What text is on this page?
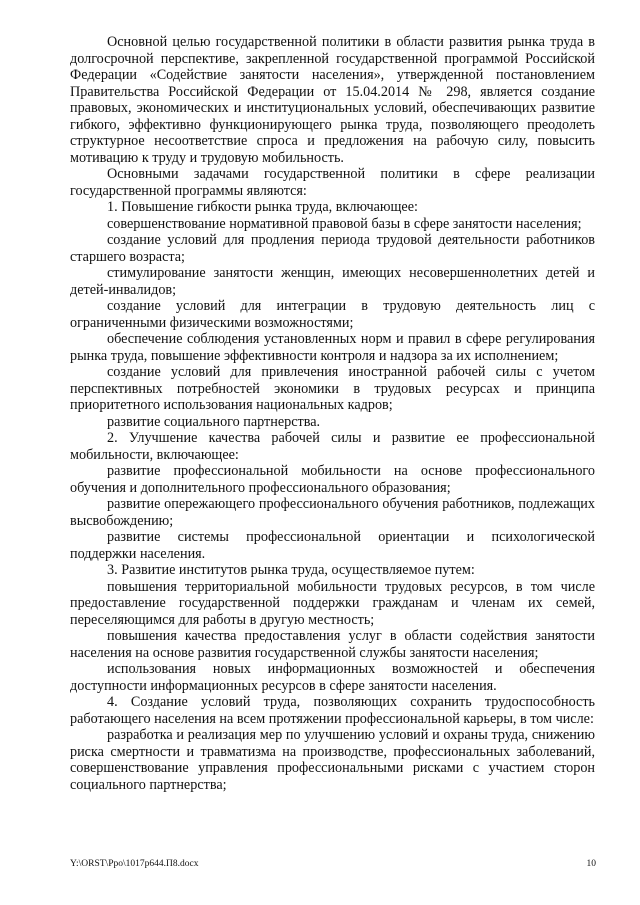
Основной целью государственной политики в области развития рынка труда в долгосрочной перспективе, закрепленной государственной программой Российской Федерации «Содействие занятости населения», утвержденной постановлением Правительства Российской Федерации от 15.04.2014 № 298, является создание правовых, экономических и институциональных условий, обеспечивающих развитие гибкого, эффективно функционирующего рынка труда, позволяющего преодолеть структурное несоответствие спроса и предложения на рабочую силу, повысить мотивацию к труду и трудовую мобильность.

Основными задачами государственной политики в сфере реализации государственной программы являются:

1. Повышение гибкости рынка труда, включающее:

совершенствование нормативной правовой базы в сфере занятости населения;

создание условий для продления периода трудовой деятельности работников старшего возраста;

стимулирование занятости женщин, имеющих несовершеннолетних детей и детей-инвалидов;

создание условий для интеграции в трудовую деятельность лиц с ограниченными физическими возможностями;

обеспечение соблюдения установленных норм и правил в сфере регулирования рынка труда, повышение эффективности контроля и надзора за их исполнением;

создание условий для привлечения иностранной рабочей силы с учетом перспективных потребностей экономики в трудовых ресурсах и принципа приоритетного использования национальных кадров;

развитие социального партнерства.

2. Улучшение качества рабочей силы и развитие ее профессиональной мобильности, включающее:

развитие профессиональной мобильности на основе профессионального обучения и дополнительного профессионального образования;

развитие опережающего профессионального обучения работников, подлежащих высвобождению;

развитие системы профессиональной ориентации и психологической поддержки населения.

3. Развитие институтов рынка труда, осуществляемое путем:

повышения территориальной мобильности трудовых ресурсов, в том числе предоставление государственной поддержки гражданам и членам их семей, переселяющимся для работы в другую местность;

повышения качества предоставления услуг в области содействия занятости населения на основе развития государственной службы занятости населения;

использования новых информационных возможностей и обеспечения доступности информационных ресурсов в сфере занятости населения.

4. Создание условий труда, позволяющих сохранить трудоспособность работающего населения на всем протяжении профессиональной карьеры, в том числе:

разработка и реализация мер по улучшению условий и охраны труда, снижению риска смертности и травматизма на производстве, профессиональных заболеваний, совершенствование управления профессиональными рисками с участием сторон социального партнерства;

Y:\ORST\Ppo\1017p644.П8.docx	10
